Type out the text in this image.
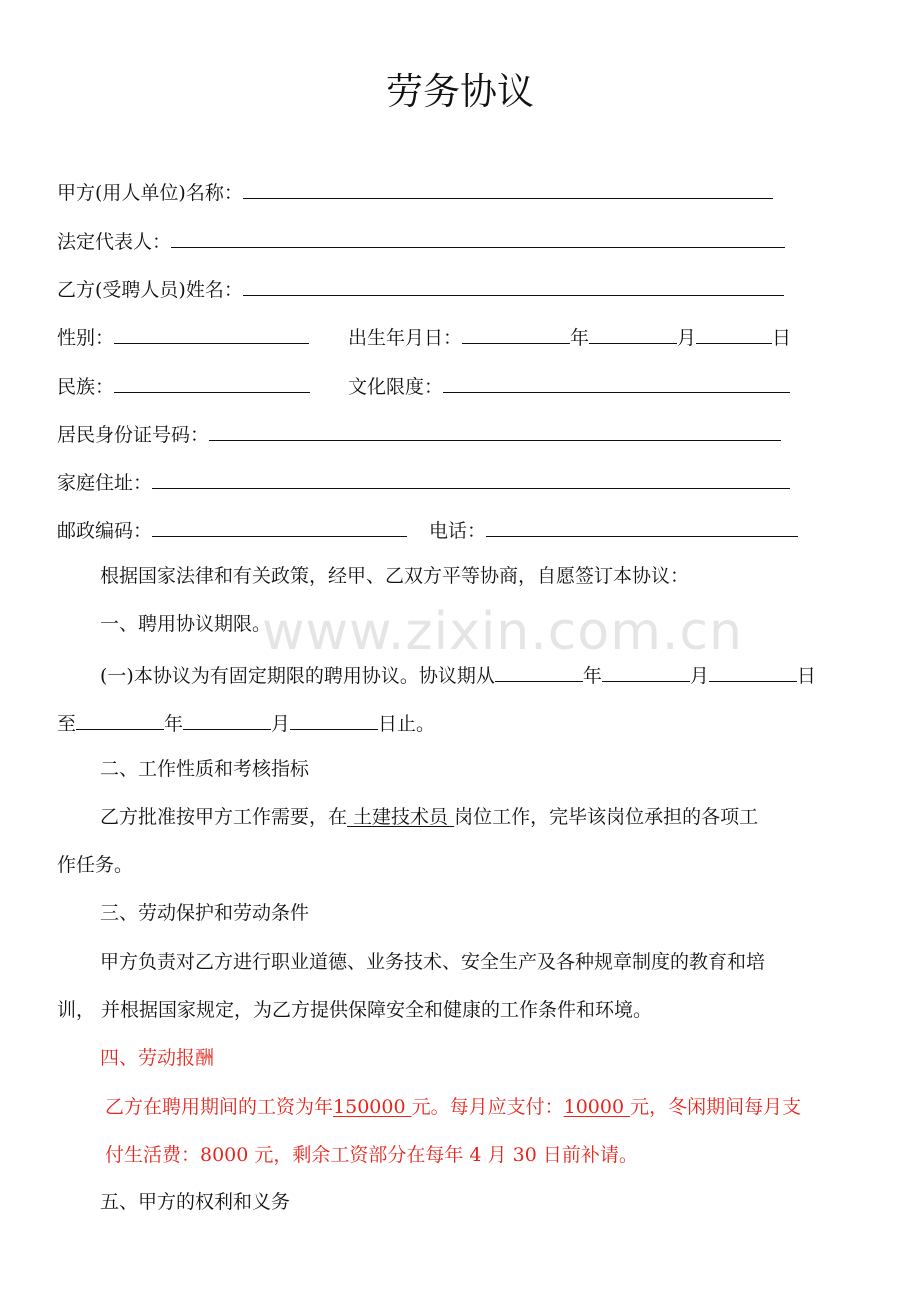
劳务协议
甲方(用人单位)名称：
法定代表人：
乙方(受聘人员)姓名：
性别：	出生年月日：	年	月	日
民族：	文化限度：
居民身份证号码：
家庭住址：
邮政编码：	电话：
根据国家法律和有关政策，经甲、乙双方平等协商，自愿签订本协议：
www.zixin.com.cn
一、聘用协议期限。
(一)本协议为有固定期限的聘用协议。协议期从	年	月	日
至	年	月	日止。
二、工作性质和考核指标
乙方批准按甲方工作需要，在 土建技术员 岗位工作，完毕该岗位承担的各项工
作任务。
三、劳动保护和劳动条件
甲方负责对乙方进行职业道德、业务技术、安全生产及各种规章制度的教育和培
训， 并根据国家规定，为乙方提供保障安全和健康的工作条件和环境。
四、劳动报酬
乙方在聘用期间的工资为年150000 元。每月应支付：10000 元，冬闲期间每月支
付生活费：8000 元，剩余工资部分在每年 4 月 30 日前补请。
五、甲方的权利和义务
